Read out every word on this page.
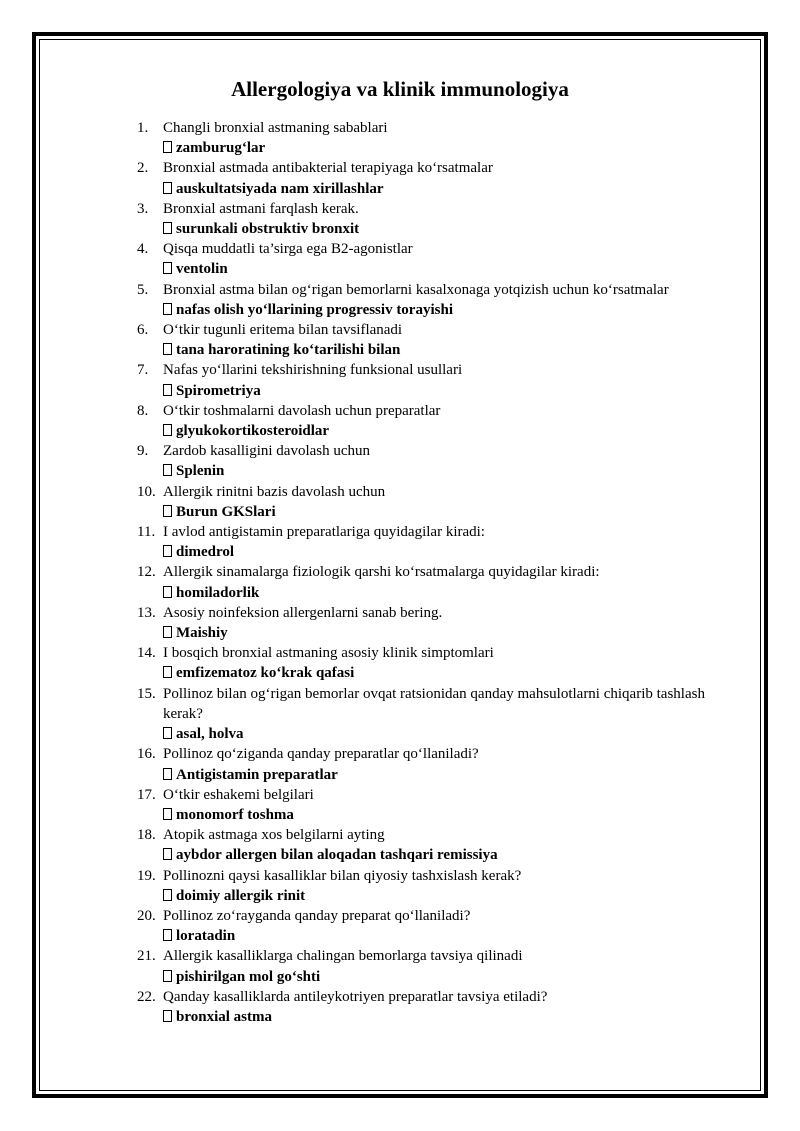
Allergologiya va klinik immunologiya
1. Changli bronxial astmaning sabablari
zamburug‘lar
2. Bronxial astmada antibakterial terapiyaga ko‘rsatmalar
auskultatsiyada nam xirillashlar
3. Bronxial astmani farqlash kerak.
surunkali obstruktiv bronxit
4. Qisqa muddatli ta’sirga ega B2-agonistlar
ventolin
5. Bronxial astma bilan og‘rigan bemorlarni kasalxonaga yotqizish uchun ko‘rsatmalar
nafas olish yo‘llarining progressiv torayishi
6. O‘tkir tugunli eritema bilan tavsiflanadi
tana haroratining ko‘tarilishi bilan
7. Nafas yo‘llarini tekshirishning funksional usullari
Spirometriya
8. O‘tkir toshmalarni davolash uchun preparatlar
glyukokortikosteroidlar
9. Zardob kasalligini davolash uchun
Splenin
10. Allergik rinitni bazis davolash uchun
Burun GKSlari
11. I avlod antigistamin preparatlariga quyidagilar kiradi:
dimedrol
12. Allergik sinamalarga fiziologik qarshi ko‘rsatmalarga quyidagilar kiradi:
homiladorlik
13. Asosiy noinfeksion allergenlarni sanab bering.
Maishiy
14. I bosqich bronxial astmaning asosiy klinik simptomlari
emfizematoz ko‘krak qafasi
15. Pollinoz bilan og‘rigan bemorlar ovqat ratsionidan qanday mahsulotlarni chiqarib tashlash kerak?
asal, holva
16. Pollinoz qo‘ziganda qanday preparatlar qo‘llaniladi?
Antigistamin preparatlar
17. O‘tkir eshakemi belgilari
monomorf toshma
18. Atopik astmaga xos belgilarni ayting
aybdor allergen bilan aloqadan tashqari remissiya
19. Pollinozni qaysi kasalliklar bilan qiyosiy tashxislash kerak?
doimiy allergik rinit
20. Pollinoz zo‘rayganda qanday preparat qo‘llaniladi?
loratadin
21. Allergik kasalliklarga chalingan bemorlarga tavsiya qilinadi
pishirilgan mol go‘shti
22. Qanday kasalliklarda antileykotriyen preparatlar tavsiya etiladi?
bronxial astma
